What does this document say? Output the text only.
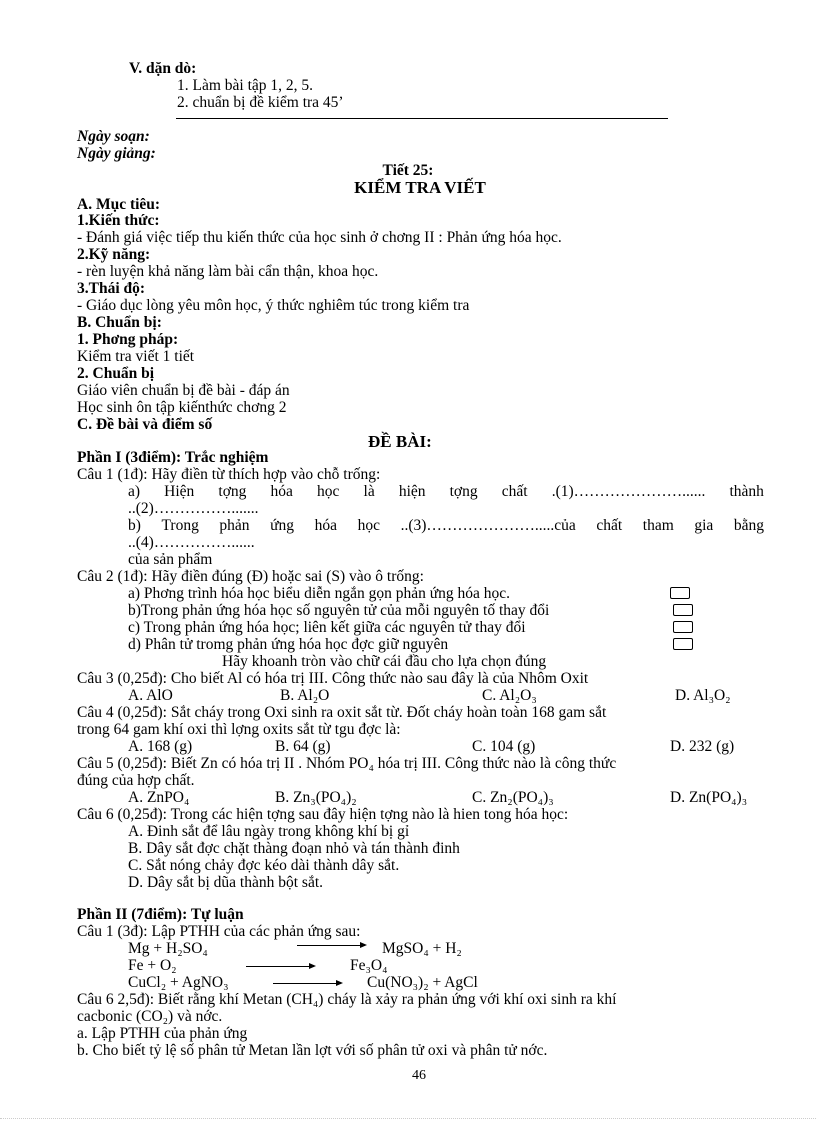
V. dặn dò:
1. Làm bài tập 1, 2, 5.
2. chuẩn bị đề kiểm tra 45’
Ngày soạn:
Ngày giảng:
Tiết 25:
KIỂM TRA VIẾT
A. Mục tiêu:
1.Kiến thức:
- Đánh giá việc tiếp thu kiến thức của học sinh ở chơng II : Phản ứng hóa học.
2.Kỹ năng:
- rèn luyện khả năng làm bài cẩn thận, khoa học.
3.Thái độ:
- Giáo dục lòng yêu môn học, ý thức nghiêm túc trong kiểm tra
B. Chuẩn bị:
1. Phơng pháp:
Kiểm tra viết 1 tiết
2. Chuẩn bị
Giáo viên chuẩn bị đề bài - đáp án
Học sinh ôn tập kiếnthức chơng 2
C. Đề bài và điểm số
ĐỀ BÀI:
Phần I (3điểm): Trắc nghiệm
Câu 1 (1đ): Hãy điền từ thích hợp vào chỗ trống:
a) Hiện tợng hóa học là hiện tợng chất .(1)…………………...... thành
..(2)…………….......
b) Trong phản ứng hóa học ..(3)………………….....của chất tham gia bằng
..(4)……………......
của sản phẩm
Câu 2 (1đ): Hãy điền đúng (Đ) hoặc sai (S) vào ô trống:
a) Phơng trình hóa học biểu diễn ngắn gọn phản ứng hóa học.
b)Trong phản ứng hóa học số nguyên tử của mỗi nguyên tố thay đổi
c) Trong phản ứng hóa học; liên kết giữa các nguyên tử thay đổi
d) Phân tử tromg phản ứng hóa học đợc giữ nguyên
Hãy khoanh tròn vào chữ cái đầu cho lựa chọn đúng
Câu 3 (0,25đ): Cho biết Al có hóa trị III. Công thức nào sau đây là của Nhôm Oxit
A. AlO	B. Al₂O	C. Al₂O₃	D. Al₃O₂
Câu 4 (0,25đ): Sắt cháy trong Oxi sinh ra oxit sắt từ. Đốt cháy hoàn toàn 168 gam sắt
trong 64 gam khí oxi thì lợng oxits sắt từ tgu đợc là:
A. 168 (g)	B. 64 (g)	C. 104 (g)	D. 232 (g)
Câu 5 (0,25đ): Biết Zn có hóa trị II . Nhóm PO₄ hóa trị III. Công thức nào là công thức
đúng của hợp chất.
A. ZnPO₄	B. Zn₃(PO₄)₂	C. Zn₂(PO₄)₃	D. Zn(PO₄)₃
Câu 6 (0,25đ): Trong các hiện tợng sau đây hiện tợng nào là hien tong hóa học:
A. Đinh sắt để lâu ngày trong không khí bị gỉ
B. Dây sắt đợc chặt thàng đoạn nhỏ và tán thành đinh
C. Sắt nóng chảy đợc kéo dài thành dây sắt.
D. Dây sắt bị dũa thành bột sắt.
Phần II (7điểm): Tự luận
Câu 1 (3đ): Lập PTHH của các phản ứng sau:
Mg + H₂SO₄	MgSO₄ + H₂
Fe + O₂	Fe₃O₄
CuCl₂ + AgNO₃	Cu(NO₃)₂ + AgCl
Câu 6 2,5đ): Biết rằng khí Metan (CH₄) cháy là xảy ra phản ứng với khí oxi sinh ra khí
cacbonic (CO₂) và nớc.
a. Lập PTHH của phản ứng
b. Cho biết tỷ lệ số phân tử Metan lần lợt với số phân tử oxi và phân tử nớc.
46
